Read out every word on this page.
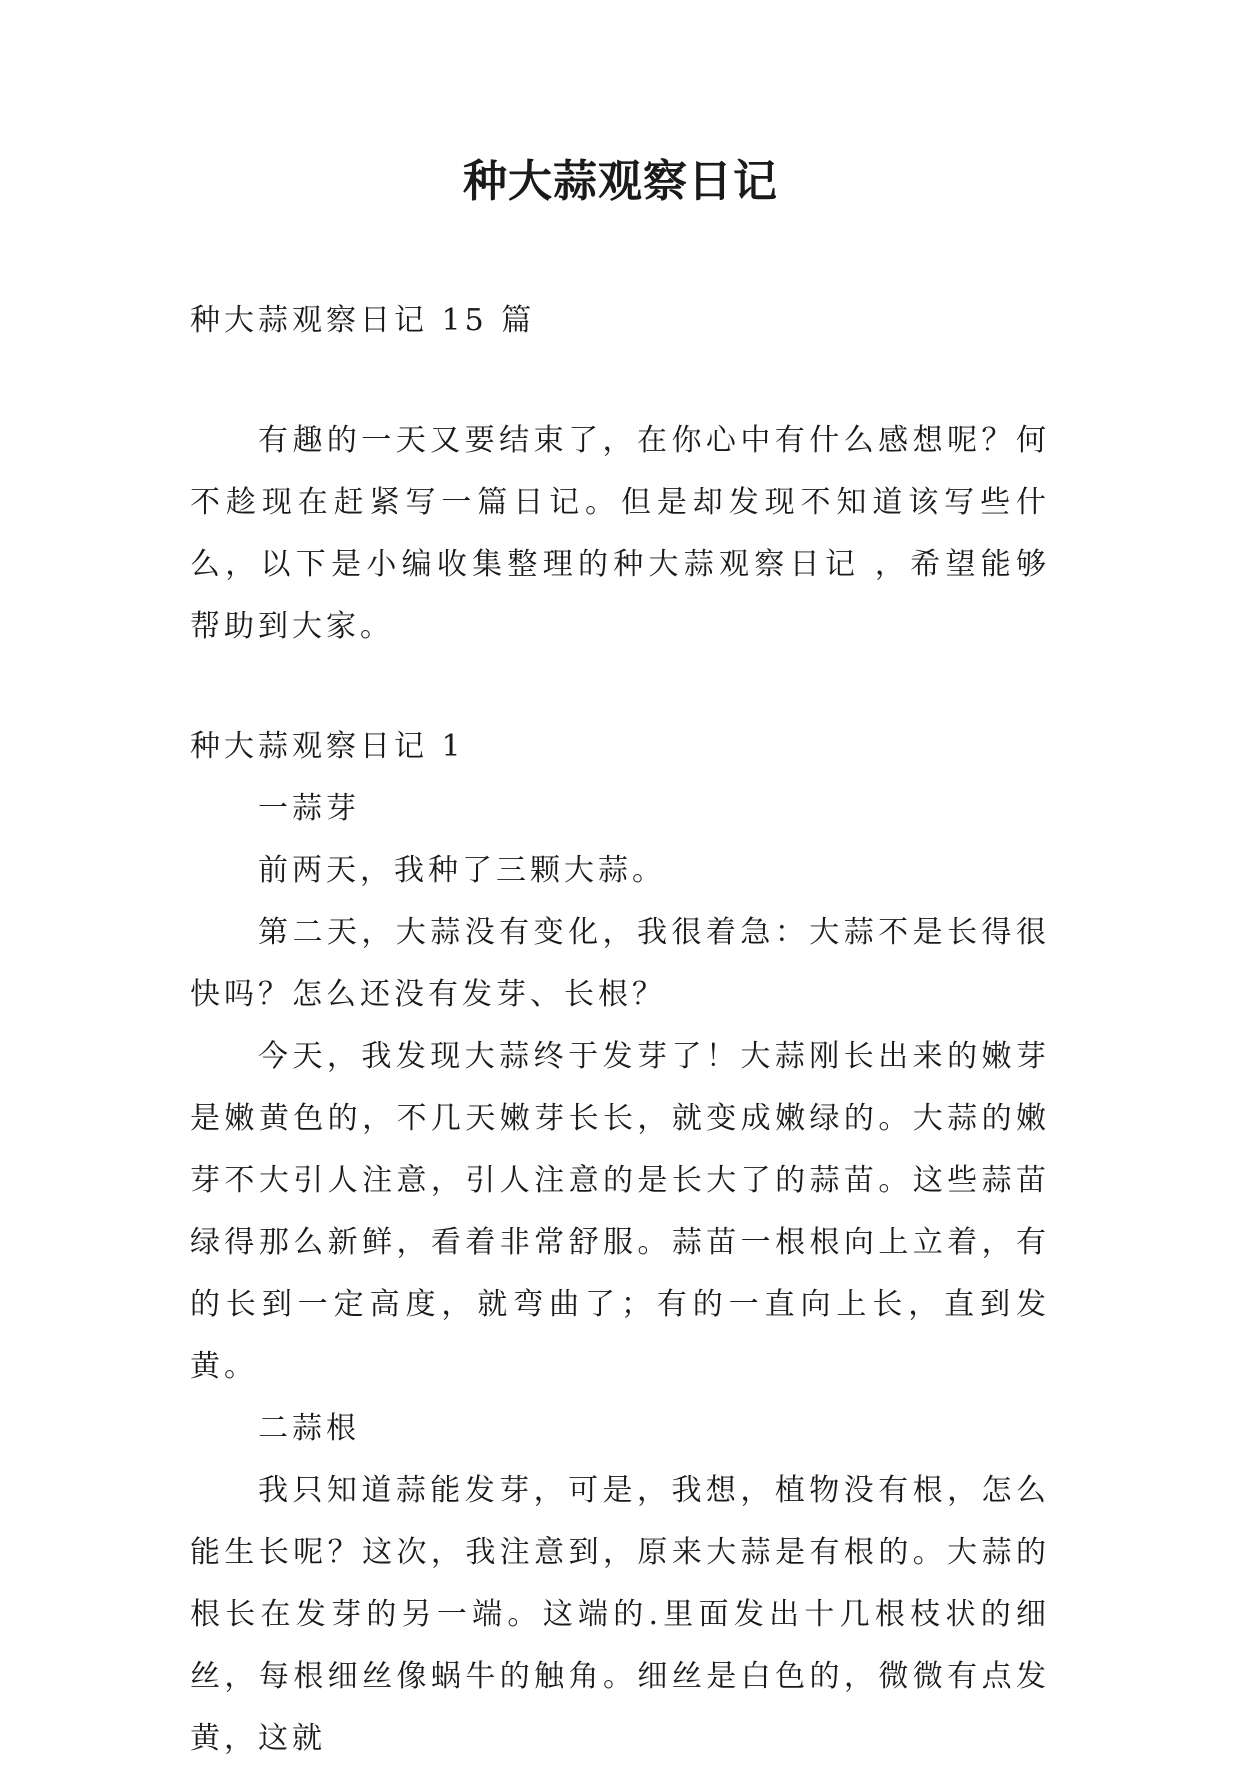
种大蒜观察日记

种大蒜观察日记 15 篇

有趣的一天又要结束了，在你心中有什么感想呢？何不趁现在赶紧写一篇日记。但是却发现不知道该写些什么，以下是小编收集整理的种大蒜观察日记 ，希望能够帮助到大家。

种大蒜观察日记 1

一蒜芽

前两天，我种了三颗大蒜。

第二天，大蒜没有变化，我很着急：大蒜不是长得很快吗？怎么还没有发芽、长根？

今天，我发现大蒜终于发芽了！大蒜刚长出来的嫩芽是嫩黄色的，不几天嫩芽长长，就变成嫩绿的。大蒜的嫩芽不大引人注意，引人注意的是长大了的蒜苗。这些蒜苗绿得那么新鲜，看着非常舒服。蒜苗一根根向上立着，有的长到一定高度，就弯曲了；有的一直向上长，直到发黄。

二蒜根

我只知道蒜能发芽，可是，我想，植物没有根，怎么能生长呢？这次，我注意到，原来大蒜是有根的。大蒜的根长在发芽的另一端。这端的.里面发出十几根枝状的细丝，每根细丝像蜗牛的触角。细丝是白色的，微微有点发黄，这就
